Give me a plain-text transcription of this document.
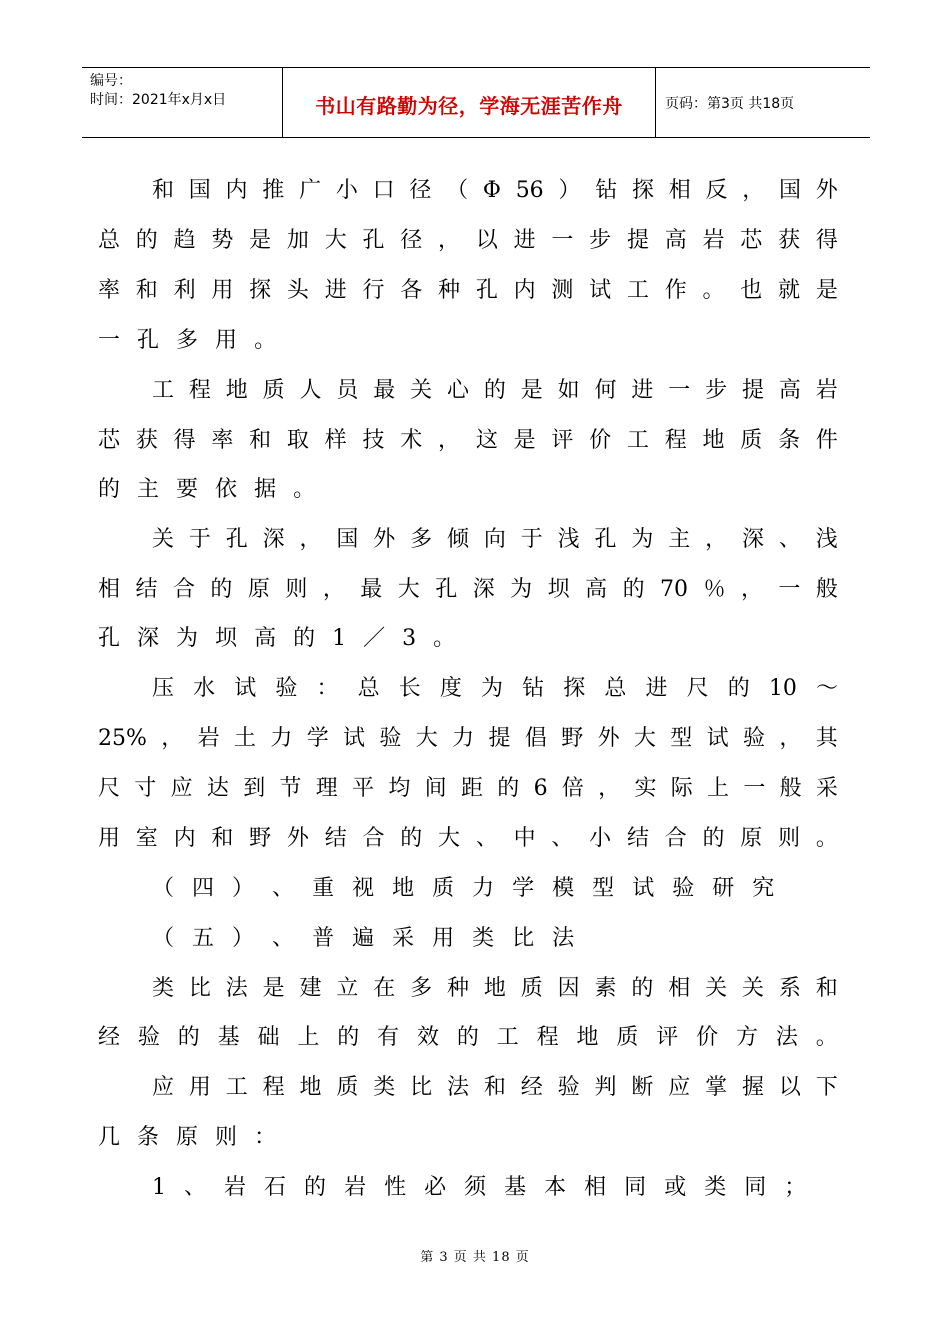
编号：
时间：2021年x月x日	书山有路勤为径，学海无涯苦作舟	页码：第3页 共18页
和 国 内 推 广 小 口 径 （ Φ 56 ） 钻 探 相 反 ， 国 外
总 的 趋 势 是 加 大 孔 径 ， 以 进 一 步 提 高 岩 芯 获 得
率 和 利 用 探 头 进 行 各 种 孔 内 测 试 工 作 。 也 就 是
一 孔 多 用 。
工 程 地 质 人 员 最 关 心 的 是 如 何 进 一 步 提 高 岩
芯 获 得 率 和 取 样 技 术 ， 这 是 评 价 工 程 地 质 条 件
的 主 要 依 据 。
关 于 孔 深 ， 国 外 多 倾 向 于 浅 孔 为 主 ， 深 、 浅
相 结 合 的 原 则 ， 最 大 孔 深 为 坝 高 的 70 ％ ， 一 般
孔 深 为 坝 高 的 1 ／ 3 。
压 水 试 验 ： 总 长 度 为 钻 探 总 进 尺 的 10 ～
25% ， 岩 土 力 学 试 验 大 力 提 倡 野 外 大 型 试 验 ， 其
尺 寸 应 达 到 节 理 平 均 间 距 的 6 倍 ， 实 际 上 一 般 采
用 室 内 和 野 外 结 合 的 大 、 中 、 小 结 合 的 原 则 。
（ 四 ） 、 重 视 地 质 力 学 模 型 试 验 研 究
（ 五 ） 、 普 遍 采 用 类 比 法
类 比 法 是 建 立 在 多 种 地 质 因 素 的 相 关 关 系 和
经 验 的 基 础 上 的 有 效 的 工 程 地 质 评 价 方 法 。
应 用 工 程 地 质 类 比 法 和 经 验 判 断 应 掌 握 以 下
几 条 原 则 ：
1 、 岩 石 的 岩 性 必 须 基 本 相 同 或 类 同 ；
第 3 页 共 18 页
